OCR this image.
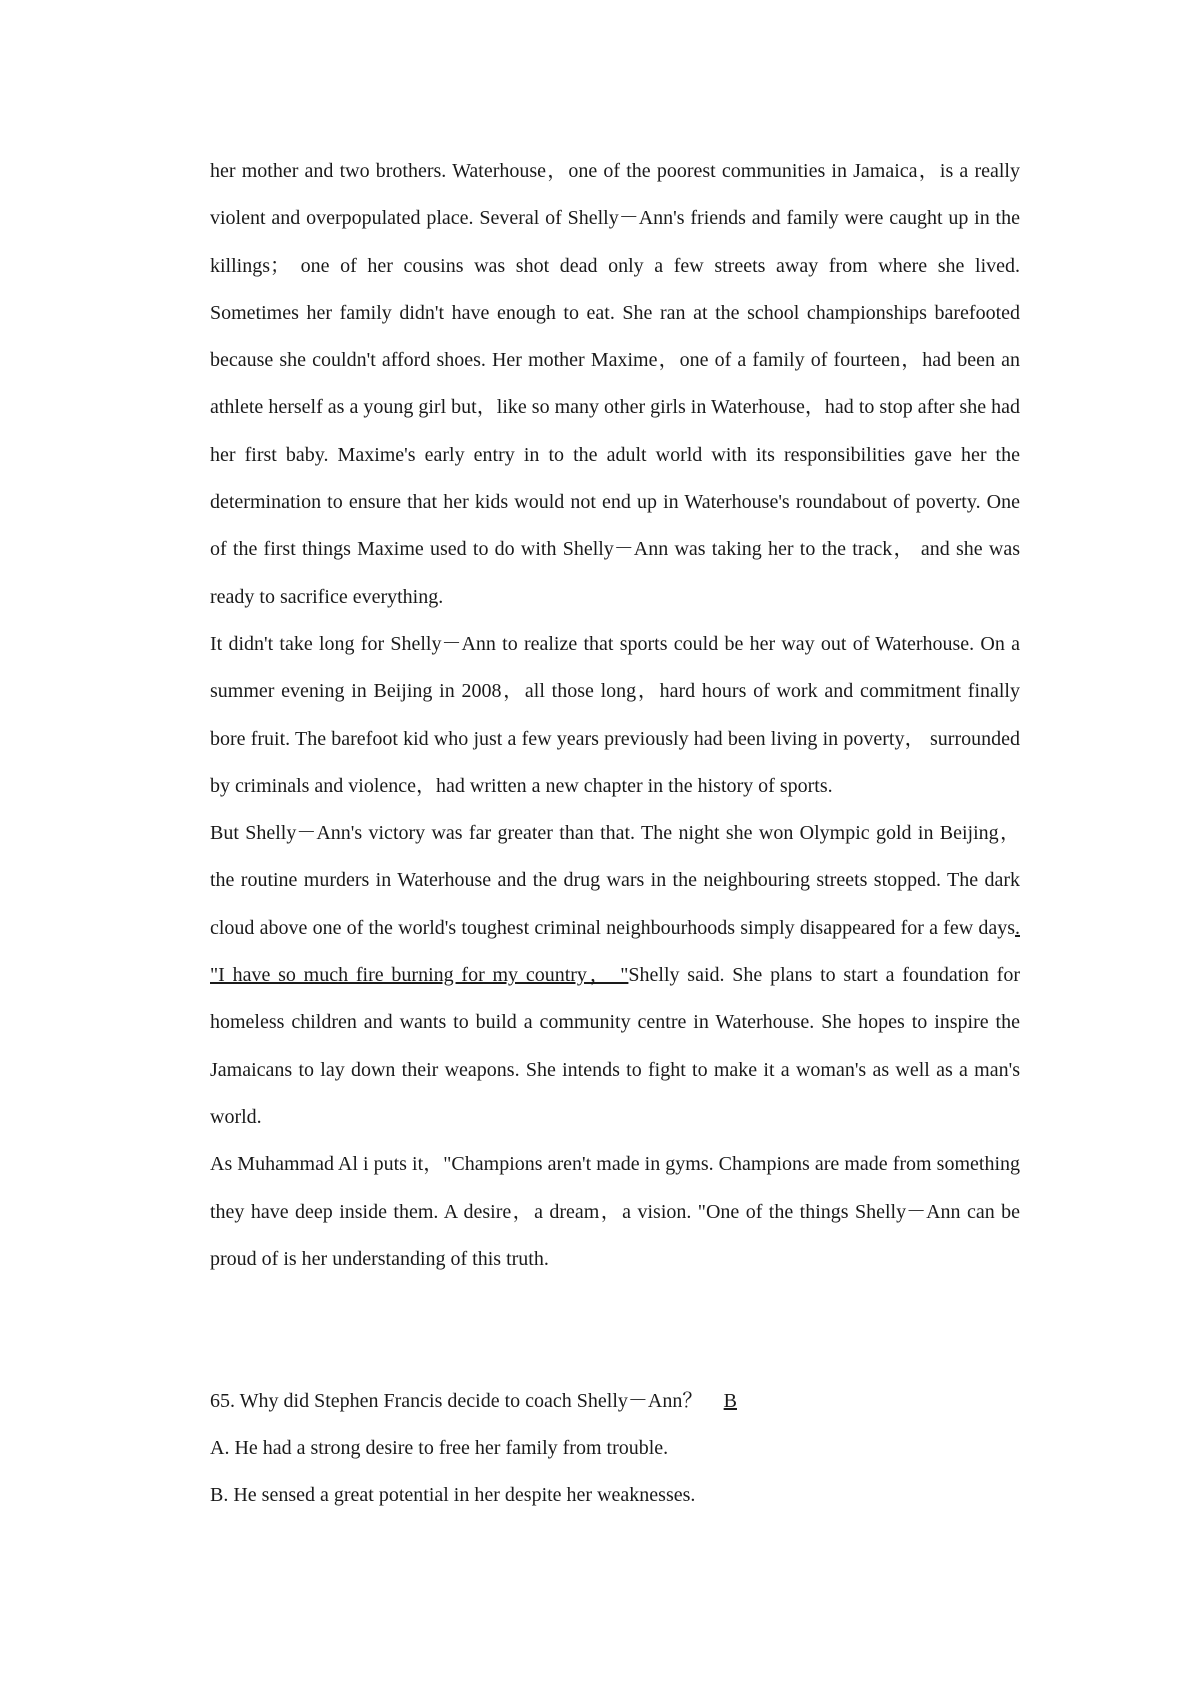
her mother and two brothers. Waterhouse，one of the poorest communities in Jamaica，is a really violent and overpopulated place. Several of Shelly－Ann's friends and family were caught up in the killings； one of her cousins was shot dead only a few streets away from where she lived. Sometimes her family didn't have enough to eat. She ran at the school championships barefooted because she couldn't afford shoes. Her mother Maxime，one of a family of fourteen，had been an athlete herself as a young girl but，like so many other girls in Waterhouse，had to stop after she had her first baby. Maxime's early entry in to the adult world with its responsibilities gave her the determination to ensure that her kids would not end up in Waterhouse's roundabout of poverty. One of the first things Maxime used to do with Shelly－Ann was taking her to the track， and she was ready to sacrifice everything.

It didn't take long for Shelly－Ann to realize that sports could be her way out of Waterhouse. On a summer evening in Beijing in 2008，all those long，hard hours of work and commitment finally bore fruit. The barefoot kid who just a few years previously had been living in poverty， surrounded by criminals and violence，had written a new chapter in the history of sports.

But Shelly－Ann's victory was far greater than that. The night she won Olympic gold in Beijing，the routine murders in Waterhouse and the drug wars in the neighbouring streets stopped. The dark cloud above one of the world's toughest criminal neighbourhoods simply disappeared for a few days. "I have so much fire burning for my country， "Shelly said. She plans to start a foundation for homeless children and wants to build a community centre in Waterhouse. She hopes to inspire the Jamaicans to lay down their weapons. She intends to fight to make it a woman's as well as a man's world.

As Muhammad Al i puts it，"Champions aren't made in gyms. Champions are made from something they have deep inside them. A desire，a dream，a vision. "One of the things Shelly－Ann can be proud of is her understanding of this truth.

65. Why did Stephen Francis decide to coach Shelly－Ann？ B

A. He had a strong desire to free her family from trouble.

B. He sensed a great potential in her despite her weaknesses.
